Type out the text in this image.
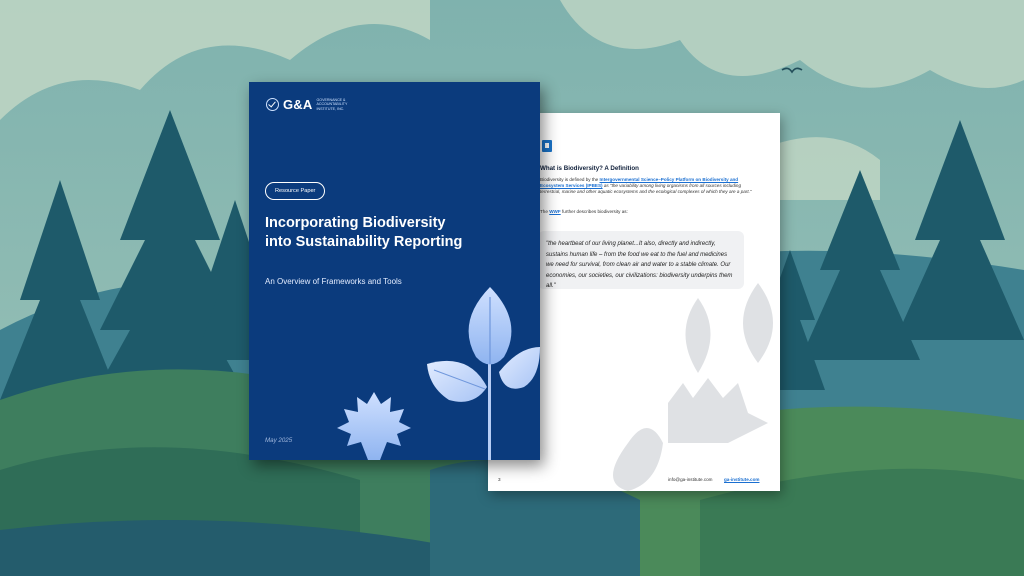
What is Biodiversity? A Definition
Biodiversity is defined by the Intergovernmental Science–Policy Platform on Biodiversity and Ecosystem Services (IPBES) as "the variability among living organisms from all sources including terrestrial, marine and other aquatic ecosystems and the ecological complexes of which they are a part."
The WWF further describes biodiversity as:
"the heartbeat of our living planet...It also, directly and indirectly, sustains human life – from the food we eat to the fuel and medicines we need for survival, from clean air and water to a stable climate. Our economies, our societies, our civilizations: biodiversity underpins them all."
3	info@ga-institute.com	ga-institute.com
G&A GOVERNANCE & ACCOUNTABILITY INSTITUTE, INC.
Resource Paper
Incorporating Biodiversity into Sustainability Reporting
An Overview of Frameworks and Tools
May 2025
